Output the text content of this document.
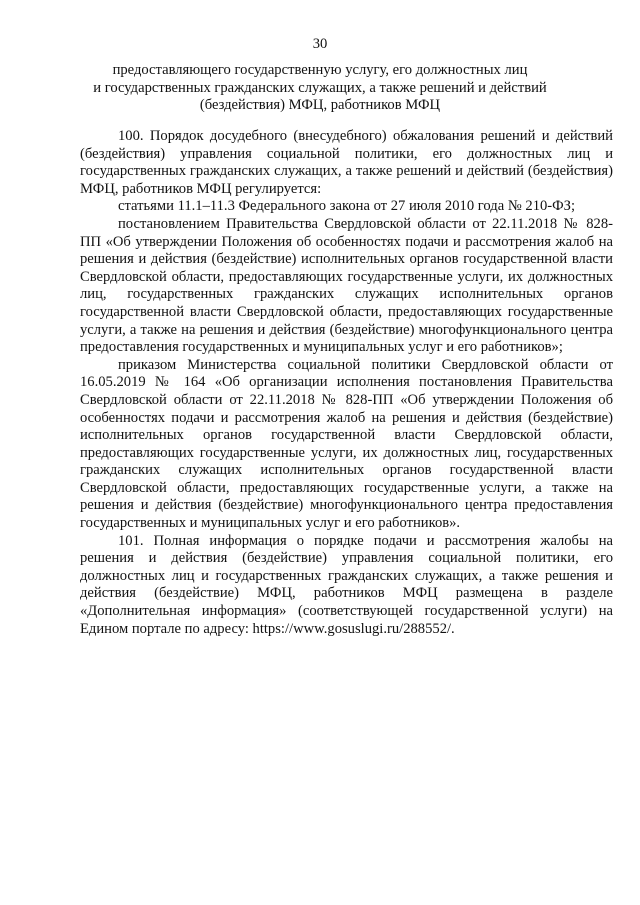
30
предоставляющего государственную услугу, его должностных лиц
и государственных гражданских служащих, а также решений и действий
(бездействия) МФЦ, работников МФЦ

100. Порядок досудебного (внесудебного) обжалования решений и действий (бездействия) управления социальной политики, его должностных лиц и государственных гражданских служащих, а также решений и действий (бездействия) МФЦ, работников МФЦ регулируется:

статьями 11.1–11.3 Федерального закона от 27 июля 2010 года № 210-ФЗ;

постановлением Правительства Свердловской области от 22.11.2018 № 828-ПП «Об утверждении Положения об особенностях подачи и рассмотрения жалоб на решения и действия (бездействие) исполнительных органов государственной власти Свердловской области, предоставляющих государственные услуги, их должностных лиц, государственных гражданских служащих исполнительных органов государственной власти Свердловской области, предоставляющих государственные услуги, а также на решения и действия (бездействие) многофункционального центра предоставления государственных и муниципальных услуг и его работников»;

приказом Министерства социальной политики Свердловской области от 16.05.2019 № 164 «Об организации исполнения постановления Правительства Свердловской области от 22.11.2018 № 828-ПП «Об утверждении Положения об особенностях подачи и рассмотрения жалоб на решения и действия (бездействие) исполнительных органов государственной власти Свердловской области, предоставляющих государственные услуги, их должностных лиц, государственных гражданских служащих исполнительных органов государственной власти Свердловской области, предоставляющих государственные услуги, а также на решения и действия (бездействие) многофункционального центра предоставления государственных и муниципальных услуг и его работников».

101. Полная информация о порядке подачи и рассмотрения жалобы на решения и действия (бездействие) управления социальной политики, его должностных лиц и государственных гражданских служащих, а также решения и действия (бездействие) МФЦ, работников МФЦ размещена в разделе «Дополнительная информация» (соответствующей государственной услуги) на Едином портале по адресу: https://www.gosuslugi.ru/288552/.
